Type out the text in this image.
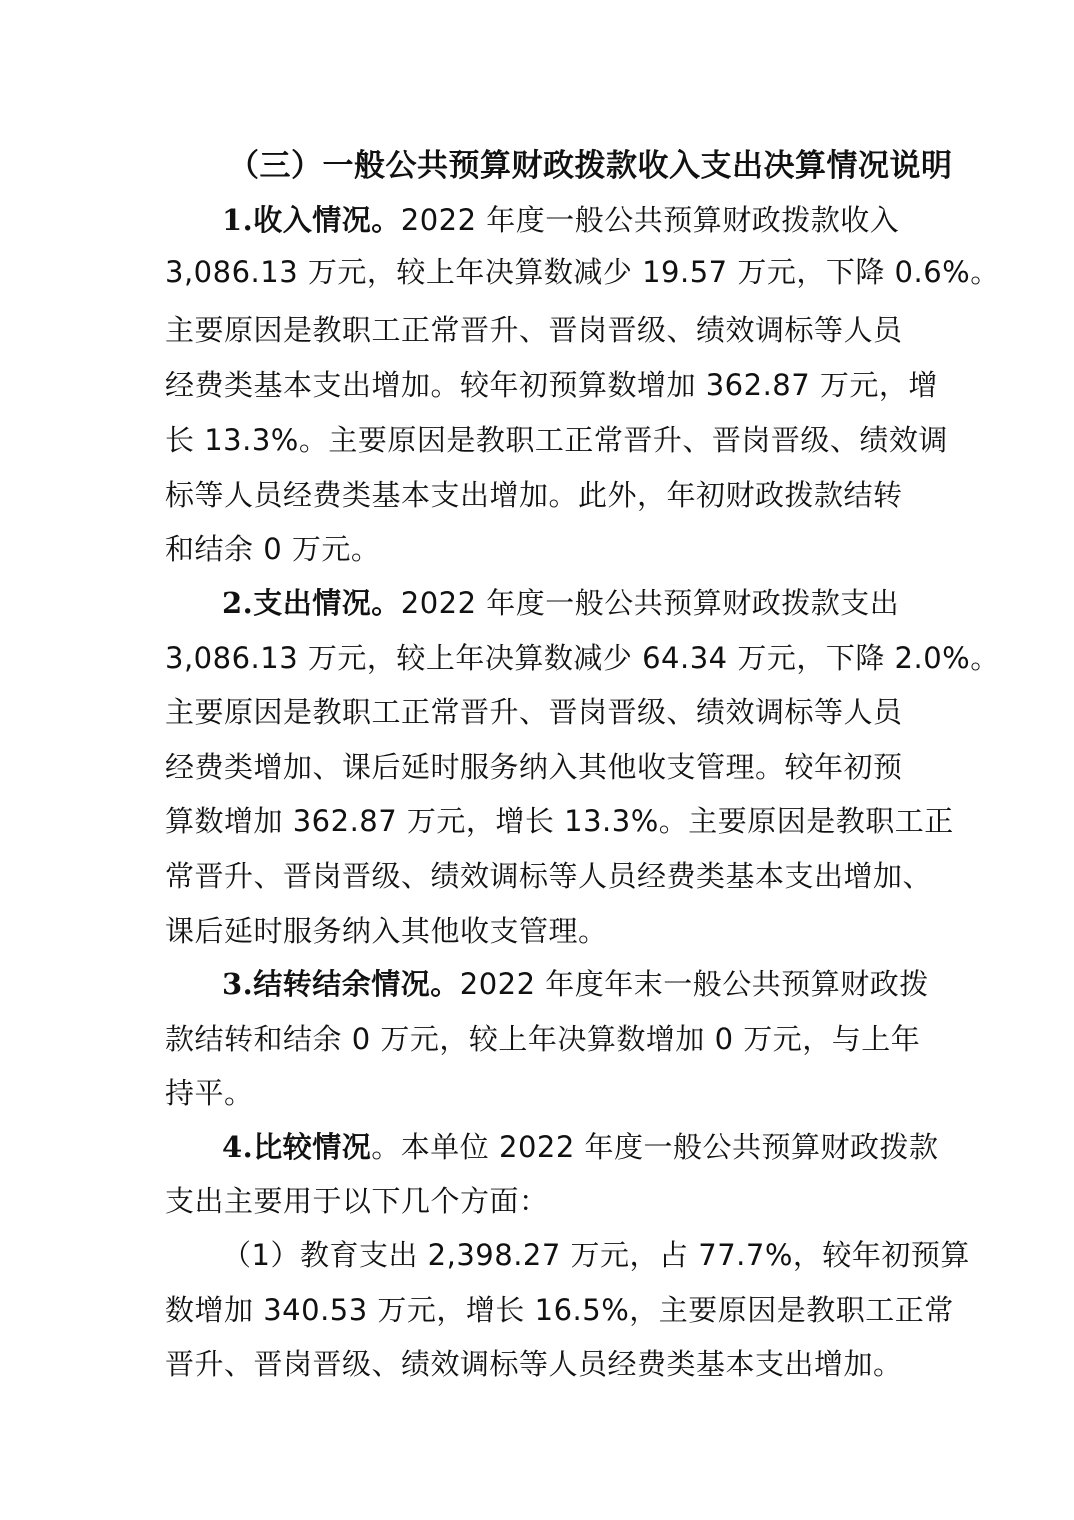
（三）一般公共预算财政拨款收入支出决算情况说明
1.收入情况。2022 年度一般公共预算财政拨款收入
3,086.13 万元，较上年决算数减少 19.57 万元，下降 0.6%。
主要原因是教职工正常晋升、晋岗晋级、绩效调标等人员
经费类基本支出增加。较年初预算数增加 362.87 万元，增
长 13.3%。主要原因是教职工正常晋升、晋岗晋级、绩效调
标等人员经费类基本支出增加。此外，年初财政拨款结转
和结余 0 万元。
2.支出情况。2022 年度一般公共预算财政拨款支出
3,086.13 万元，较上年决算数减少 64.34 万元，下降 2.0%。
主要原因是教职工正常晋升、晋岗晋级、绩效调标等人员
经费类增加、课后延时服务纳入其他收支管理。较年初预
算数增加 362.87 万元，增长 13.3%。主要原因是教职工正
常晋升、晋岗晋级、绩效调标等人员经费类基本支出增加、
课后延时服务纳入其他收支管理。
3.结转结余情况。2022 年度年末一般公共预算财政拨
款结转和结余 0 万元，较上年决算数增加 0 万元，与上年
持平。
4.比较情况。本单位 2022 年度一般公共预算财政拨款
支出主要用于以下几个方面：
（1）教育支出 2,398.27 万元，占 77.7%，较年初预算
数增加 340.53 万元，增长 16.5%，主要原因是教职工正常
晋升、晋岗晋级、绩效调标等人员经费类基本支出增加。
